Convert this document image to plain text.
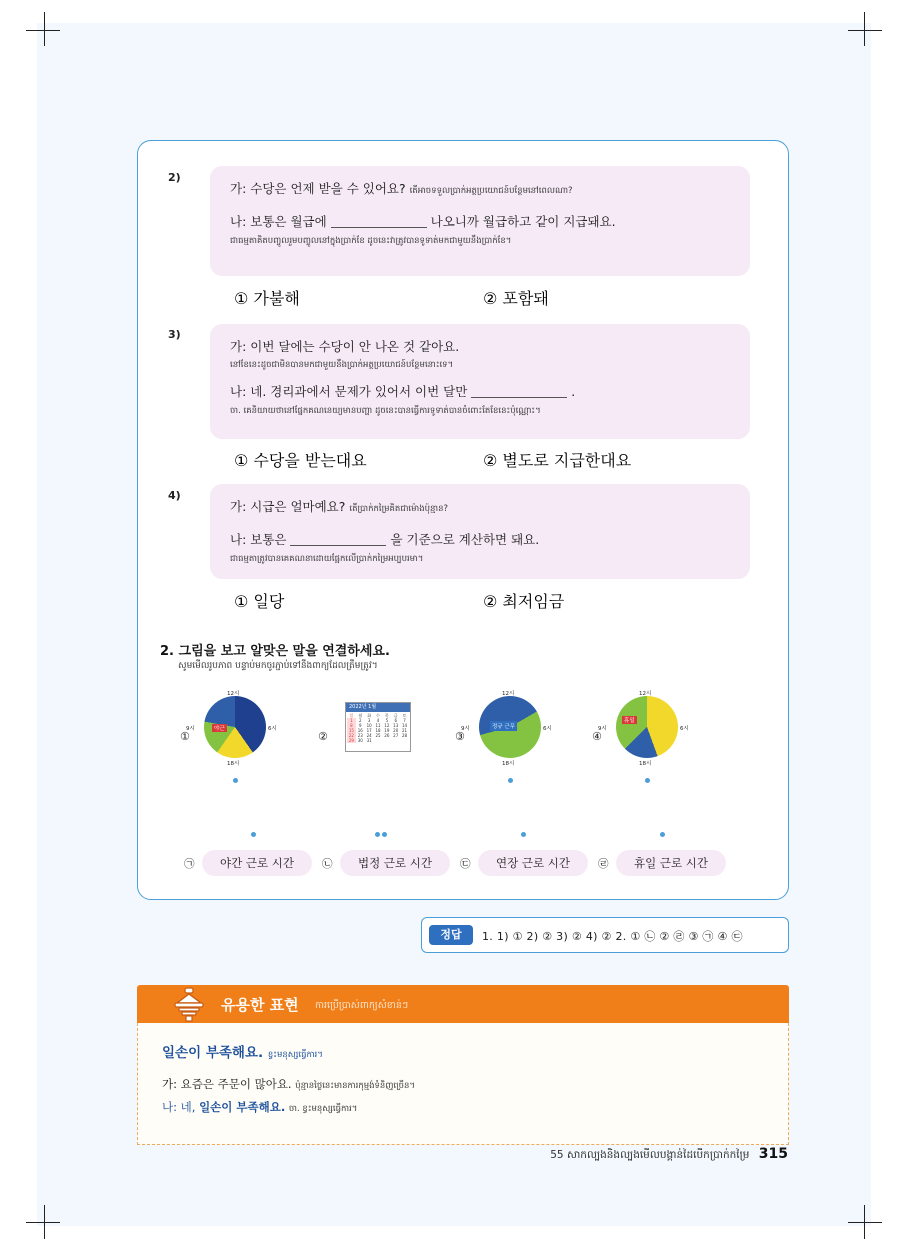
2)
가: 수당은 언제 받을 수 있어요? តើអាចទទួលប្រាក់អត្ថប្រយោជន៍បន្ថែមនៅពេលណា?
나: 보통은 월급에	나오니까 월급하고 같이 지급돼요.
ជាធម្មតាគិតបញ្ចូលរួមបញ្ចូលនៅក្នុងប្រាក់ខែ ដូចនេះវាត្រូវបានទូទាត់មកជាមួយនឹងប្រាក់ខែ។
① 가불해	② 포함돼
3)
가: 이번 달에는 수당이 안 나온 것 같아요.
នៅខែនេះដូចជាមិនបានមកជាមួយនឹងប្រាក់អត្ថប្រយោជន៍បន្ថែមនោះទេ។
나: 네. 경리과에서 문제가 있어서 이번 달만	.
ចា. គេនិយាយថានៅផ្នែកគណនេយ្យមានបញ្ហា ដូចនេះបានធ្វើការទូទាត់បានចំពោះតែខែនេះប៉ុណ្ណោះ។
① 수당을 받는대요	② 별도로 지급한대요
4)
가: 시급은 얼마예요? តើប្រាក់កម្រៃគិតជាម៉ោងប៉ុន្មាន?
나: 보통은	을 기준으로 계산하면 돼요.
ជាធម្មតាត្រូវបានគេគណនាដោយផ្អែកលើប្រាក់កម្រៃអប្បបរមា។
① 일당	② 최저임금
2. 그림을 보고 알맞은 말을 연결하세요.
សូមមើលរូបភាព បន្ទាប់មកចូរភ្ជាប់ទៅនឹងពាក្យដែលត្រឹមត្រូវ។
①
12시
6시
18시
9시	야근
②
2022년 1월
일	월	화	수	목	금	토
1	2	3	4	5	6	7
8	9	10 11 12 13 14
15 16 17 18 19 20 21
22 23 24 25 26 27 28
29 30 31	③
12시
6시
18시
9시	정규 근무
④
12시
6시
18시
9시
휴일
㉠	야간 근로 시간	㉡	법정 근로 시간	㉢	연장 근로 시간	㉣	휴일 근로 시간
정답	1. 1) ① 2) ② 3) ② 4) ② 2. ① ㉡ ② ㉣ ③ ㉠ ④ ㉢
유용한 표현 ការប្រើប្រាស់ពាក្យសំខាន់ៗ
일손이 부족해요. ខ្វះមនុស្សធ្វើការ។
가: 요즘은 주문이 많아요. ប៉ុន្មានថ្ងៃនេះមានការកុម្មង់ទំនិញច្រើន។
나: 네, 일손이 부족해요. ចា. ខ្វះមនុស្សធ្វើការ។
55 សាកល្បងនិងល្បងមើលបង្គាន់ដៃបើកប្រាក់កម្រៃ 315
